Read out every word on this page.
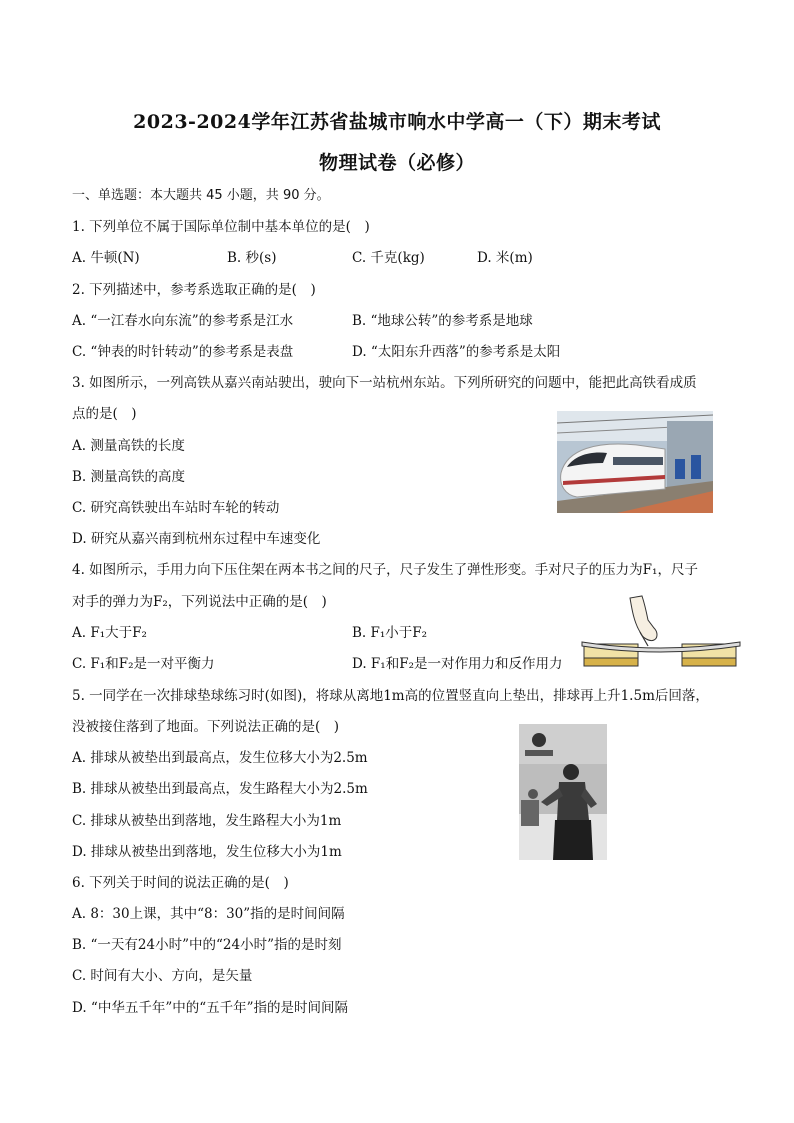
2023-2024学年江苏省盐城市响水中学高一（下）期末考试
物理试卷（必修）
一、单选题：本大题共 45 小题，共 90 分。
1. 下列单位不属于国际单位制中基本单位的是(　)
A. 牛顿(N)	B. 秒(s)	C. 千克(kg)	D. 米(m)
2. 下列描述中，参考系选取正确的是(　)
A. “一江春水向东流”的参考系是江水	B. “地球公转”的参考系是地球
C. “钟表的时针转动”的参考系是表盘	D. “太阳东升西落”的参考系是太阳
3. 如图所示，一列高铁从嘉兴南站驶出，驶向下一站杭州东站。下列所研究的问题中，能把此高铁看成质
点的是(　)
A. 测量高铁的长度
B. 测量高铁的高度
C. 研究高铁驶出车站时车轮的转动
D. 研究从嘉兴南到杭州东过程中车速变化
4. 如图所示，手用力向下压住架在两本书之间的尺子，尺子发生了弹性形变。手对尺子的压力为F₁，尺子
对手的弹力为F₂，下列说法中正确的是(　)
A. F₁大于F₂	B. F₁小于F₂
C. F₁和F₂是一对平衡力	D. F₁和F₂是一对作用力和反作用力
5. 一同学在一次排球垫球练习时(如图)，将球从离地1m高的位置竖直向上垫出，排球再上升1.5m后回落，
没被接住落到了地面。下列说法正确的是(　)
A. 排球从被垫出到最高点，发生位移大小为2.5m
B. 排球从被垫出到最高点，发生路程大小为2.5m
C. 排球从被垫出到落地，发生路程大小为1m
D. 排球从被垫出到落地，发生位移大小为1m
6. 下列关于时间的说法正确的是(　)
A. 8：30上课，其中“8：30”指的是时间间隔
B. “一天有24小时”中的“24小时”指的是时刻
C. 时间有大小、方向，是矢量
D. “中华五千年”中的“五千年”指的是时间间隔
